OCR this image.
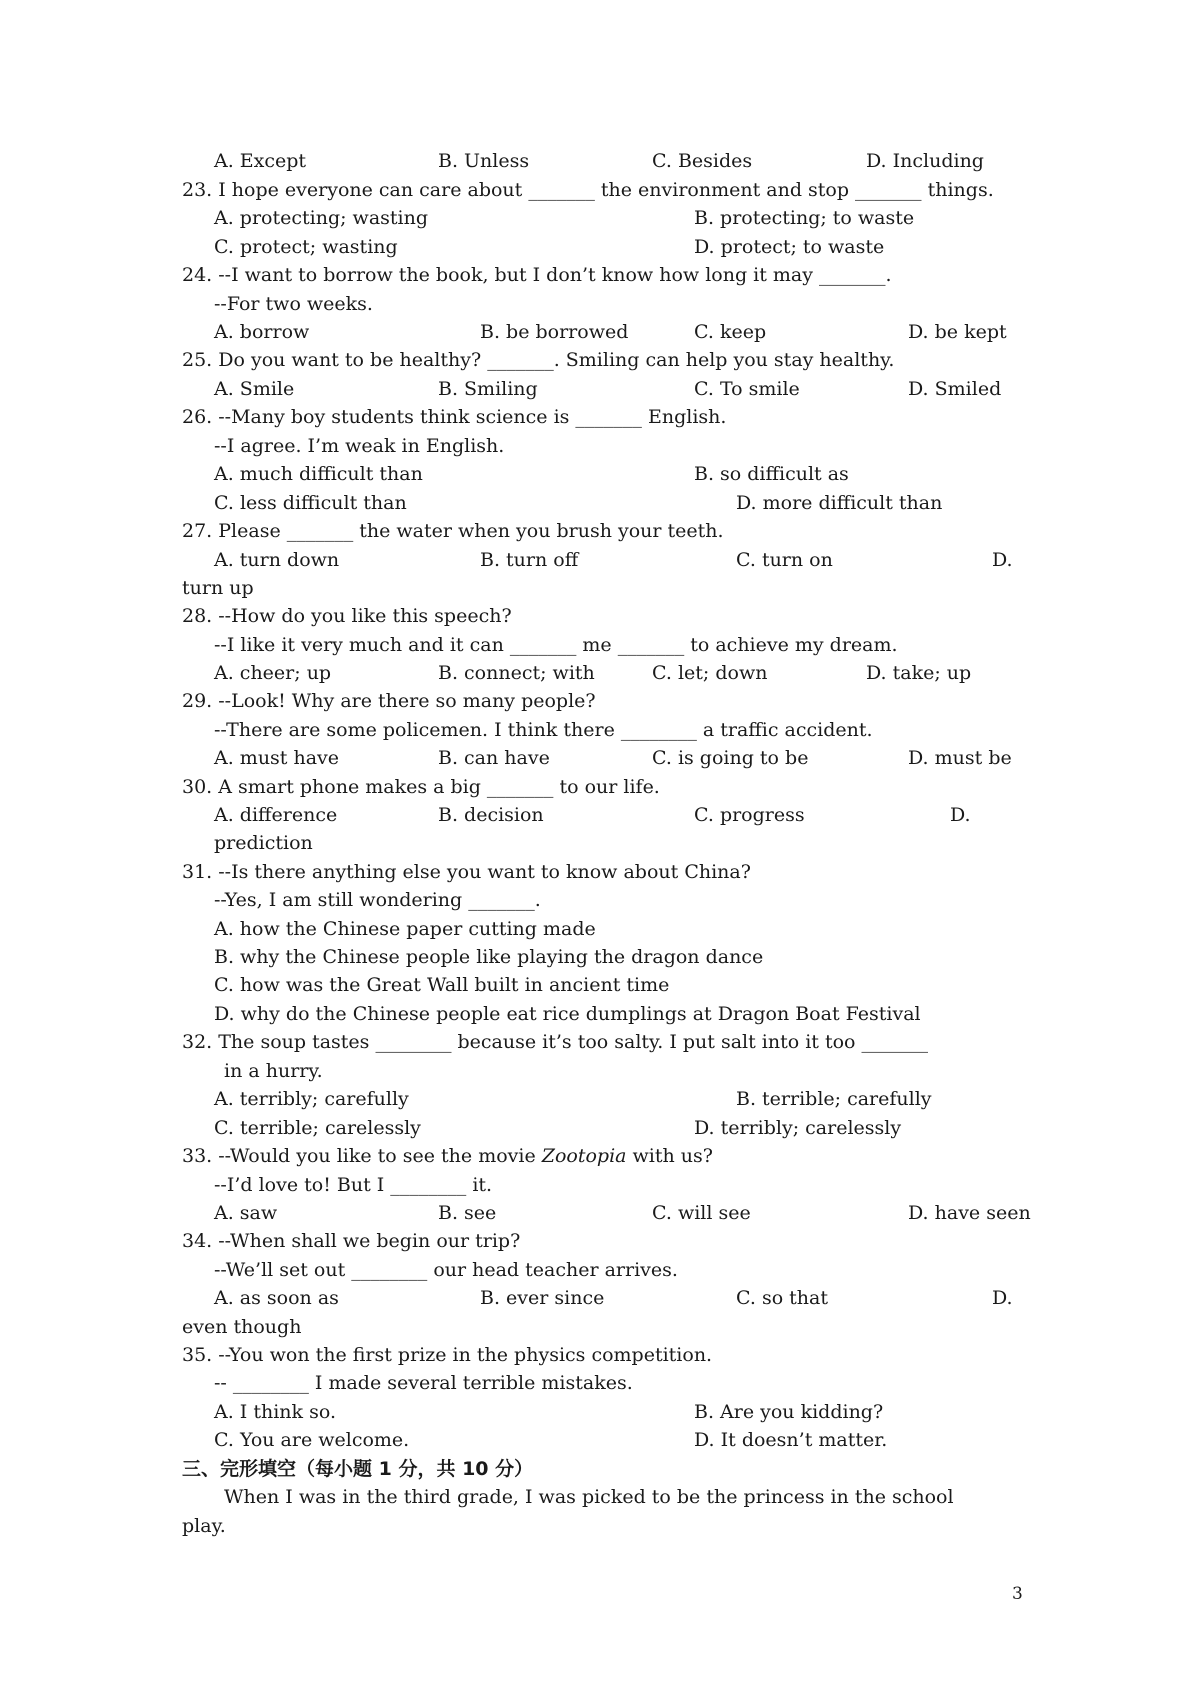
A. Except

	B. Unless

	C. Besides

	D. Including

23. I hope everyone can care about _______ the environment and stop _______ things.

A. protecting; wasting

	B. protecting; to waste

C. protect; wasting

	D. protect; to waste

24. --I want to borrow the book, but I don’t know how long it may _______.
--For two weeks.

A. borrow

	B. be borrowed

	C. keep

	D. be kept

25. Do you want to be healthy? _______. Smiling can help you stay healthy.

A. Smile

	B. Smiling

	C. To smile

	D. Smiled

26. --Many boy students think science is _______ English.
--I agree. I’m weak in English.

A. much difficult than

	B. so difficult as

C. less difficult than

	D. more difficult than

27. Please _______ the water when you brush your teeth.

A. turn down

	B. turn off

	C. turn on

	D.

turn up
28. --How do you like this speech?
--I like it very much and it can _______ me _______ to achieve my dream.

A. cheer; up

	B. connect; with

	C. let; down

	D. take; up

29. --Look! Why are there so many people?
--There are some policemen. I think there ________ a traffic accident.

A. must have

	B. can have

	C. is going to be

	D. must be

30. A smart phone makes a big _______ to our life.

A. difference

	B. decision

	C. progress

	D.

prediction
31. --Is there anything else you want to know about China?
--Yes, I am still wondering _______.
A. how the Chinese paper cutting made
B. why the Chinese people like playing the dragon dance
C. how was the Great Wall built in ancient time
D. why do the Chinese people eat rice dumplings at Dragon Boat Festival
32. The soup tastes ________ because it’s too salty. I put salt into it too _______
in a hurry.

A. terribly; carefully

	B. terrible; carefully

C. terrible; carelessly

	D. terribly; carelessly

33. --Would you like to see the movie Zootopia with us?
--I’d love to! But I ________ it.

A. saw

	B. see

	C. will see

	D. have seen

34. --When shall we begin our trip?
--We’ll set out ________ our head teacher arrives.

A. as soon as

	B. ever since

	C. so that

	D.

even though
35. --You won the first prize in the physics competition.
-- ________ I made several terrible mistakes.

A. I think so.

	B. Are you kidding?

C. You are welcome.

	D. It doesn’t matter.

三、完形填空（每小题 1 分，共 10 分）
When I was in the third grade, I was picked to be the princess in the school
play.
3
